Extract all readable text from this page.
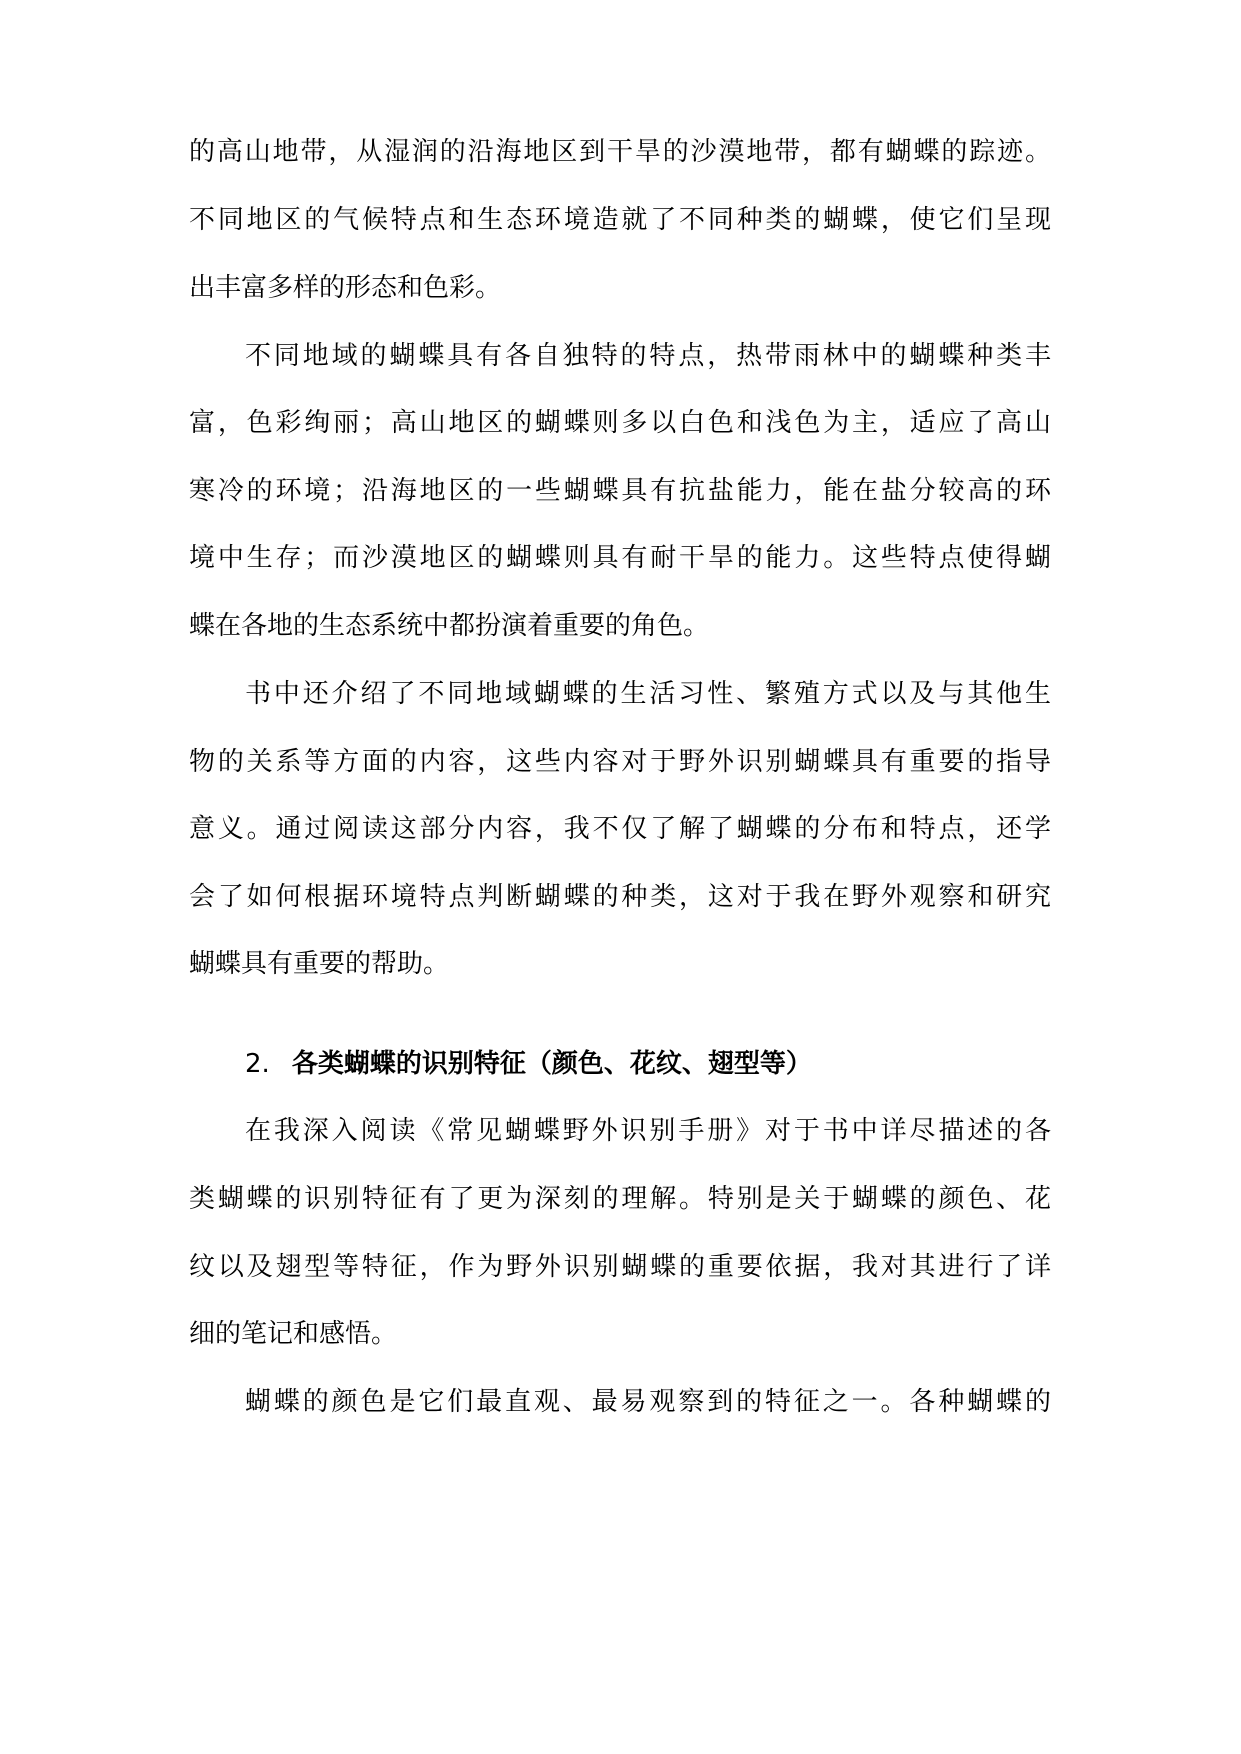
的高山地带，从湿润的沿海地区到干旱的沙漠地带，都有蝴蝶的踪迹。
不同地区的气候特点和生态环境造就了不同种类的蝴蝶，使它们呈现
出丰富多样的形态和色彩。
不同地域的蝴蝶具有各自独特的特点，热带雨林中的蝴蝶种类丰
富，色彩绚丽；高山地区的蝴蝶则多以白色和浅色为主，适应了高山
寒冷的环境；沿海地区的一些蝴蝶具有抗盐能力，能在盐分较高的环
境中生存；而沙漠地区的蝴蝶则具有耐干旱的能力。这些特点使得蝴
蝶在各地的生态系统中都扮演着重要的角色。
书中还介绍了不同地域蝴蝶的生活习性、繁殖方式以及与其他生
物的关系等方面的内容，这些内容对于野外识别蝴蝶具有重要的指导
意义。通过阅读这部分内容，我不仅了解了蝴蝶的分布和特点，还学
会了如何根据环境特点判断蝴蝶的种类，这对于我在野外观察和研究
蝴蝶具有重要的帮助。
2. 各类蝴蝶的识别特征（颜色、花纹、翅型等）
在我深入阅读《常见蝴蝶野外识别手册》对于书中详尽描述的各
类蝴蝶的识别特征有了更为深刻的理解。特别是关于蝴蝶的颜色、花
纹以及翅型等特征，作为野外识别蝴蝶的重要依据，我对其进行了详
细的笔记和感悟。
蝴蝶的颜色是它们最直观、最易观察到的特征之一。各种蝴蝶的
